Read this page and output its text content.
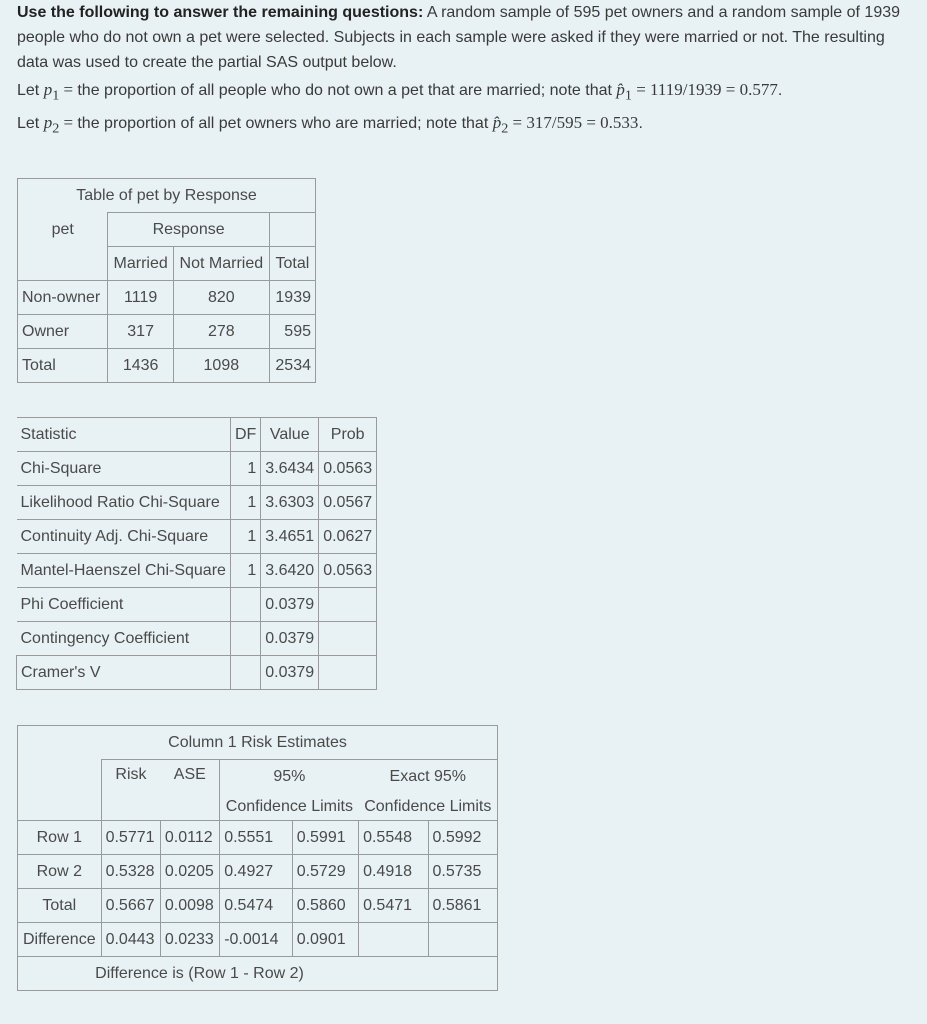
Use the following to answer the remaining questions: A random sample of 595 pet owners and a random sample of 1939 people who do not own a pet were selected. Subjects in each sample were asked if they were married or not. The resulting data was used to create the partial SAS output below.
Let $p_1$ = the proportion of all people who do not own a pet that are married; note that $p̂_1 = 1119/1939 = 0.577$.
Let $p_2$ = the proportion of all pet owners who are married; note that $p̂_2 = 317/595 = 0.533$.
Table of pet by Response			
pet	Response		
	Married	Not Married	Total
Non-owner	1119	820	1939
Owner	317	278	595
Total	1436	1098	2534
Statistic	DF	Value	Prob
Chi-Square	1	3.6434	0.0563
Likelihood Ratio Chi-Square	1	3.6303	0.0567
Continuity Adj. Chi-Square	1	3.4651	0.0627
Mantel-Haenszel Chi-Square	1	3.6420	0.0563
Phi Coefficient		0.0379	
Contingency Coefficient		0.0379	
Cramer's V		0.0379	
Column 1 Risk Estimates						
	Risk	ASE	95%		Exact 95%	
			Confidence Limits		Confidence Limits	
Row 1	0.5771	0.0112	0.5551	0.5991	0.5548	0.5992
Row 2	0.5328	0.0205	0.4927	0.5729	0.4918	0.5735
Total	0.5667	0.0098	0.5474	0.5860	0.5471	0.5861
Difference	0.0443	0.0233	-0.0014	0.0901		
Difference is (Row 1 - Row 2)						
